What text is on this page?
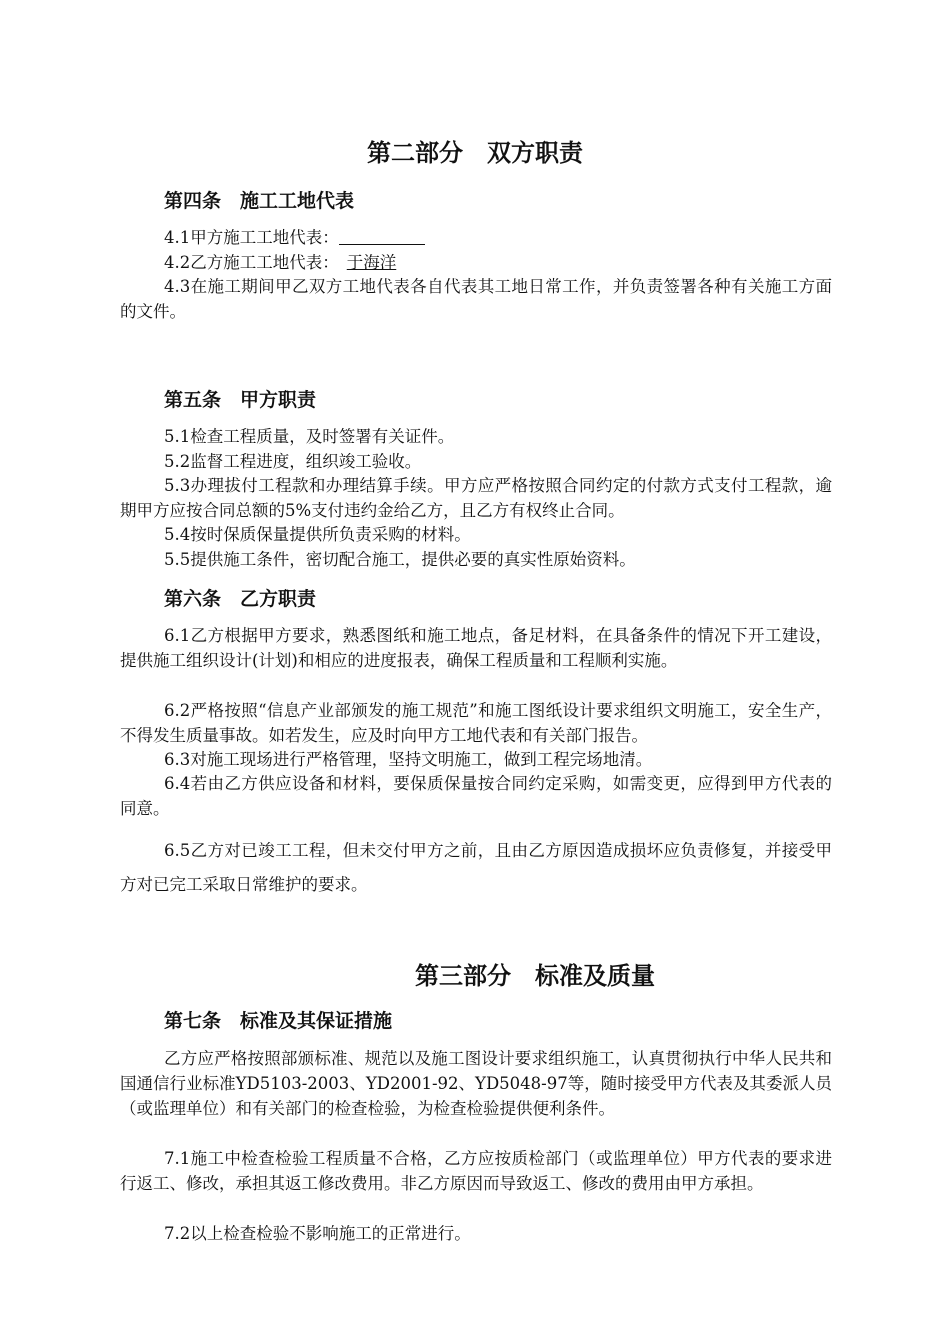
第二部分　双方职责
第四条　施工工地代表
4.1甲方施工工地代表：
4.2乙方施工工地代表： 于海洋
4.3在施工期间甲乙双方工地代表各自代表其工地日常工作，并负责签署各种有关施工方面的文件。
第五条　甲方职责
5.1检查工程质量，及时签署有关证件。
5.2监督工程进度，组织竣工验收。
5.3办理拔付工程款和办理结算手续。甲方应严格按照合同约定的付款方式支付工程款，逾期甲方应按合同总额的5%支付违约金给乙方，且乙方有权终止合同。
5.4按时保质保量提供所负责采购的材料。
5.5提供施工条件，密切配合施工，提供必要的真实性原始资料。
第六条　乙方职责
6.1乙方根据甲方要求，熟悉图纸和施工地点，备足材料，在具备条件的情况下开工建设，提供施工组织设计(计划)和相应的进度报表，确保工程质量和工程顺利实施。
6.2严格按照“信息产业部颁发的施工规范”和施工图纸设计要求组织文明施工，安全生产，不得发生质量事故。如若发生，应及时向甲方工地代表和有关部门报告。
6.3对施工现场进行严格管理，坚持文明施工，做到工程完场地清。
6.4若由乙方供应设备和材料，要保质保量按合同约定采购，如需变更，应得到甲方代表的同意。
6.5乙方对已竣工工程，但未交付甲方之前，且由乙方原因造成损坏应负责修复，并接受甲方对已完工采取日常维护的要求。
第三部分　标准及质量
第七条　标准及其保证措施
乙方应严格按照部颁标准、规范以及施工图设计要求组织施工，认真贯彻执行中华人民共和国通信行业标准YD5103-2003、YD2001-92、YD5048-97等，随时接受甲方代表及其委派人员（或监理单位）和有关部门的检查检验，为检查检验提供便利条件。
7.1施工中检查检验工程质量不合格，乙方应按质检部门（或监理单位）甲方代表的要求进行返工、修改，承担其返工修改费用。非乙方原因而导致返工、修改的费用由甲方承担。
7.2以上检查检验不影响施工的正常进行。
